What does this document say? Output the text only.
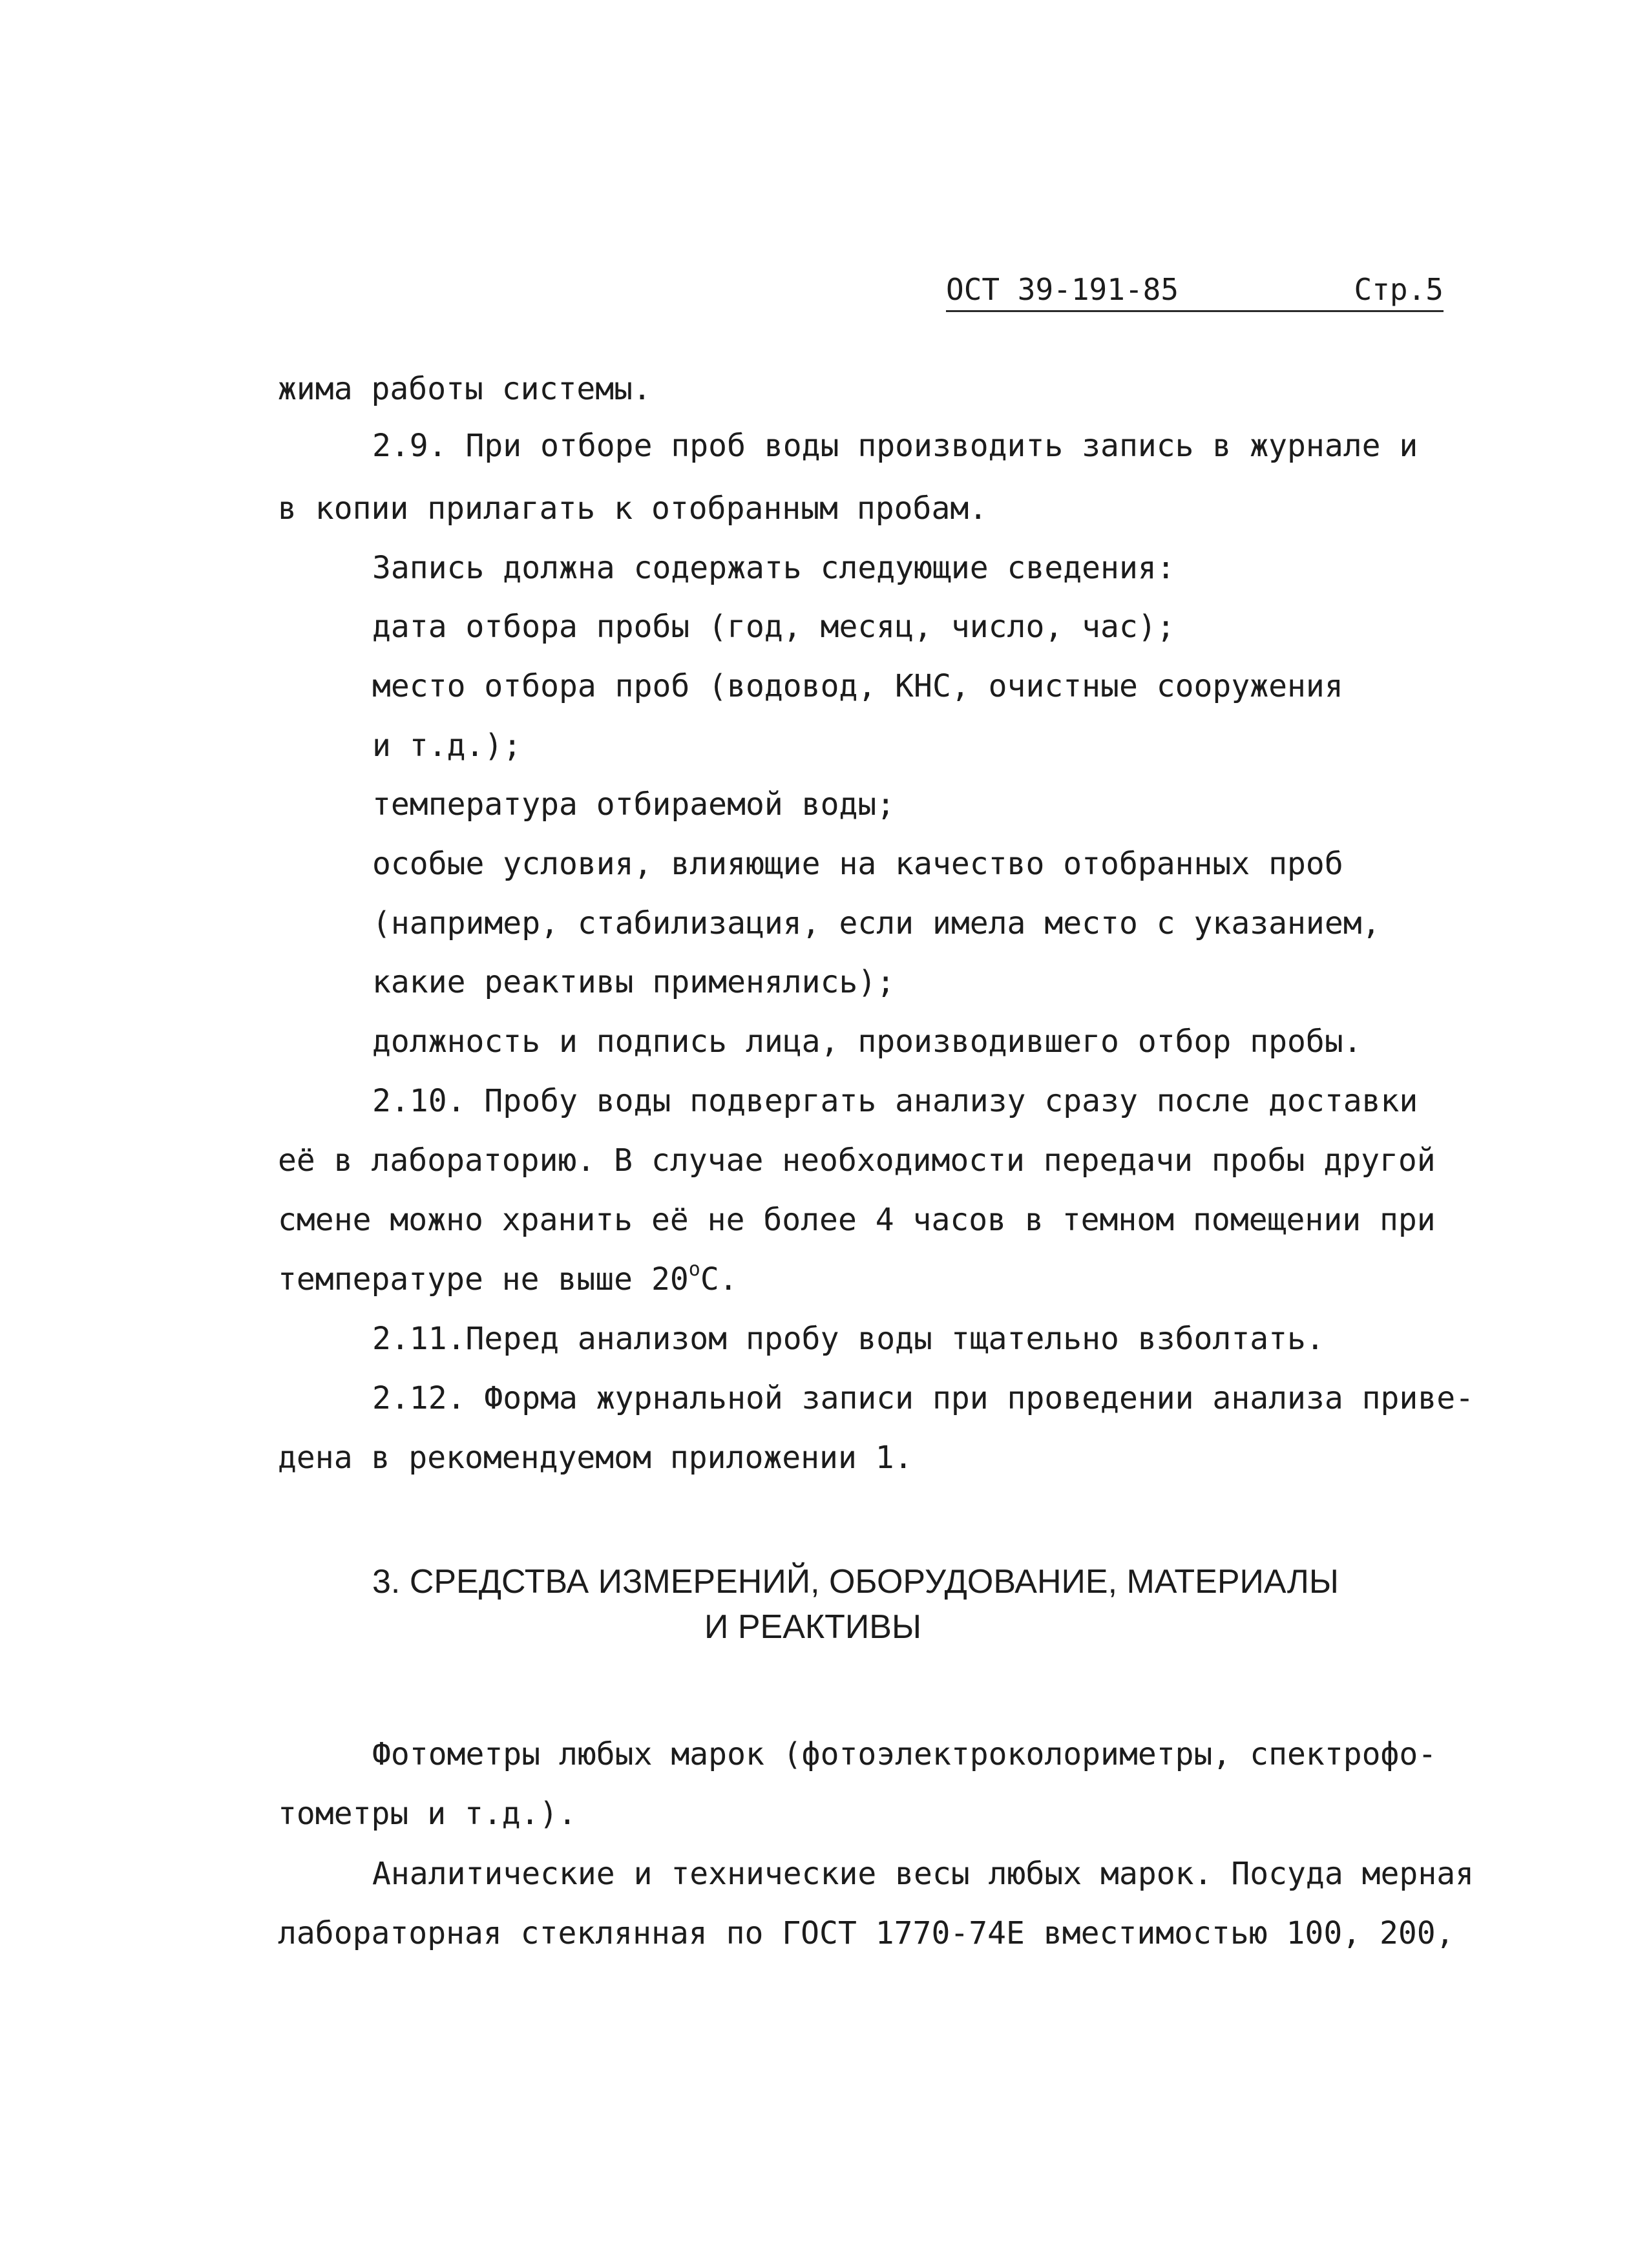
ОСТ 39-191-85	Стр.5
жима работы системы.
2.9. При отборе проб воды производить запись в журнале и
в копии прилагать к отобранным пробам.
Запись должна содержать следующие сведения:
дата отбора пробы (год, месяц, число, час);
место отбора проб (водовод, КНС, очистные сооружения
и т.д.);
температура отбираемой воды;
особые условия, влияющие на качество отобранных проб
(например, стабилизация, если имела место с указанием,
какие реактивы применялись);
должность и подпись лица, производившего отбор пробы.
2.10. Пробу воды подвергать анализу сразу после доставки
её в лабораторию. В случае необходимости передачи пробы другой
смене можно хранить её не более 4 часов в темном помещении при
температуре не выше $20^оС$.
2.11.Перед анализом пробу воды тщательно взболтать.
2.12. Форма журнальной записи при проведении анализа приве-
дена в рекомендуемом приложении 1.
3. СРЕДСТВА ИЗМЕРЕНИЙ, ОБОРУДОВАНИЕ, МАТЕРИАЛЫ
И РЕАКТИВЫ
Фотометры любых марок (фотоэлектроколориметры, спектрофо-
тометры и т.д.).
Аналитические и технические весы любых марок. Посуда мерная
лабораторная стеклянная по ГОСТ 1770-74Е вместимостью 100, 200,
